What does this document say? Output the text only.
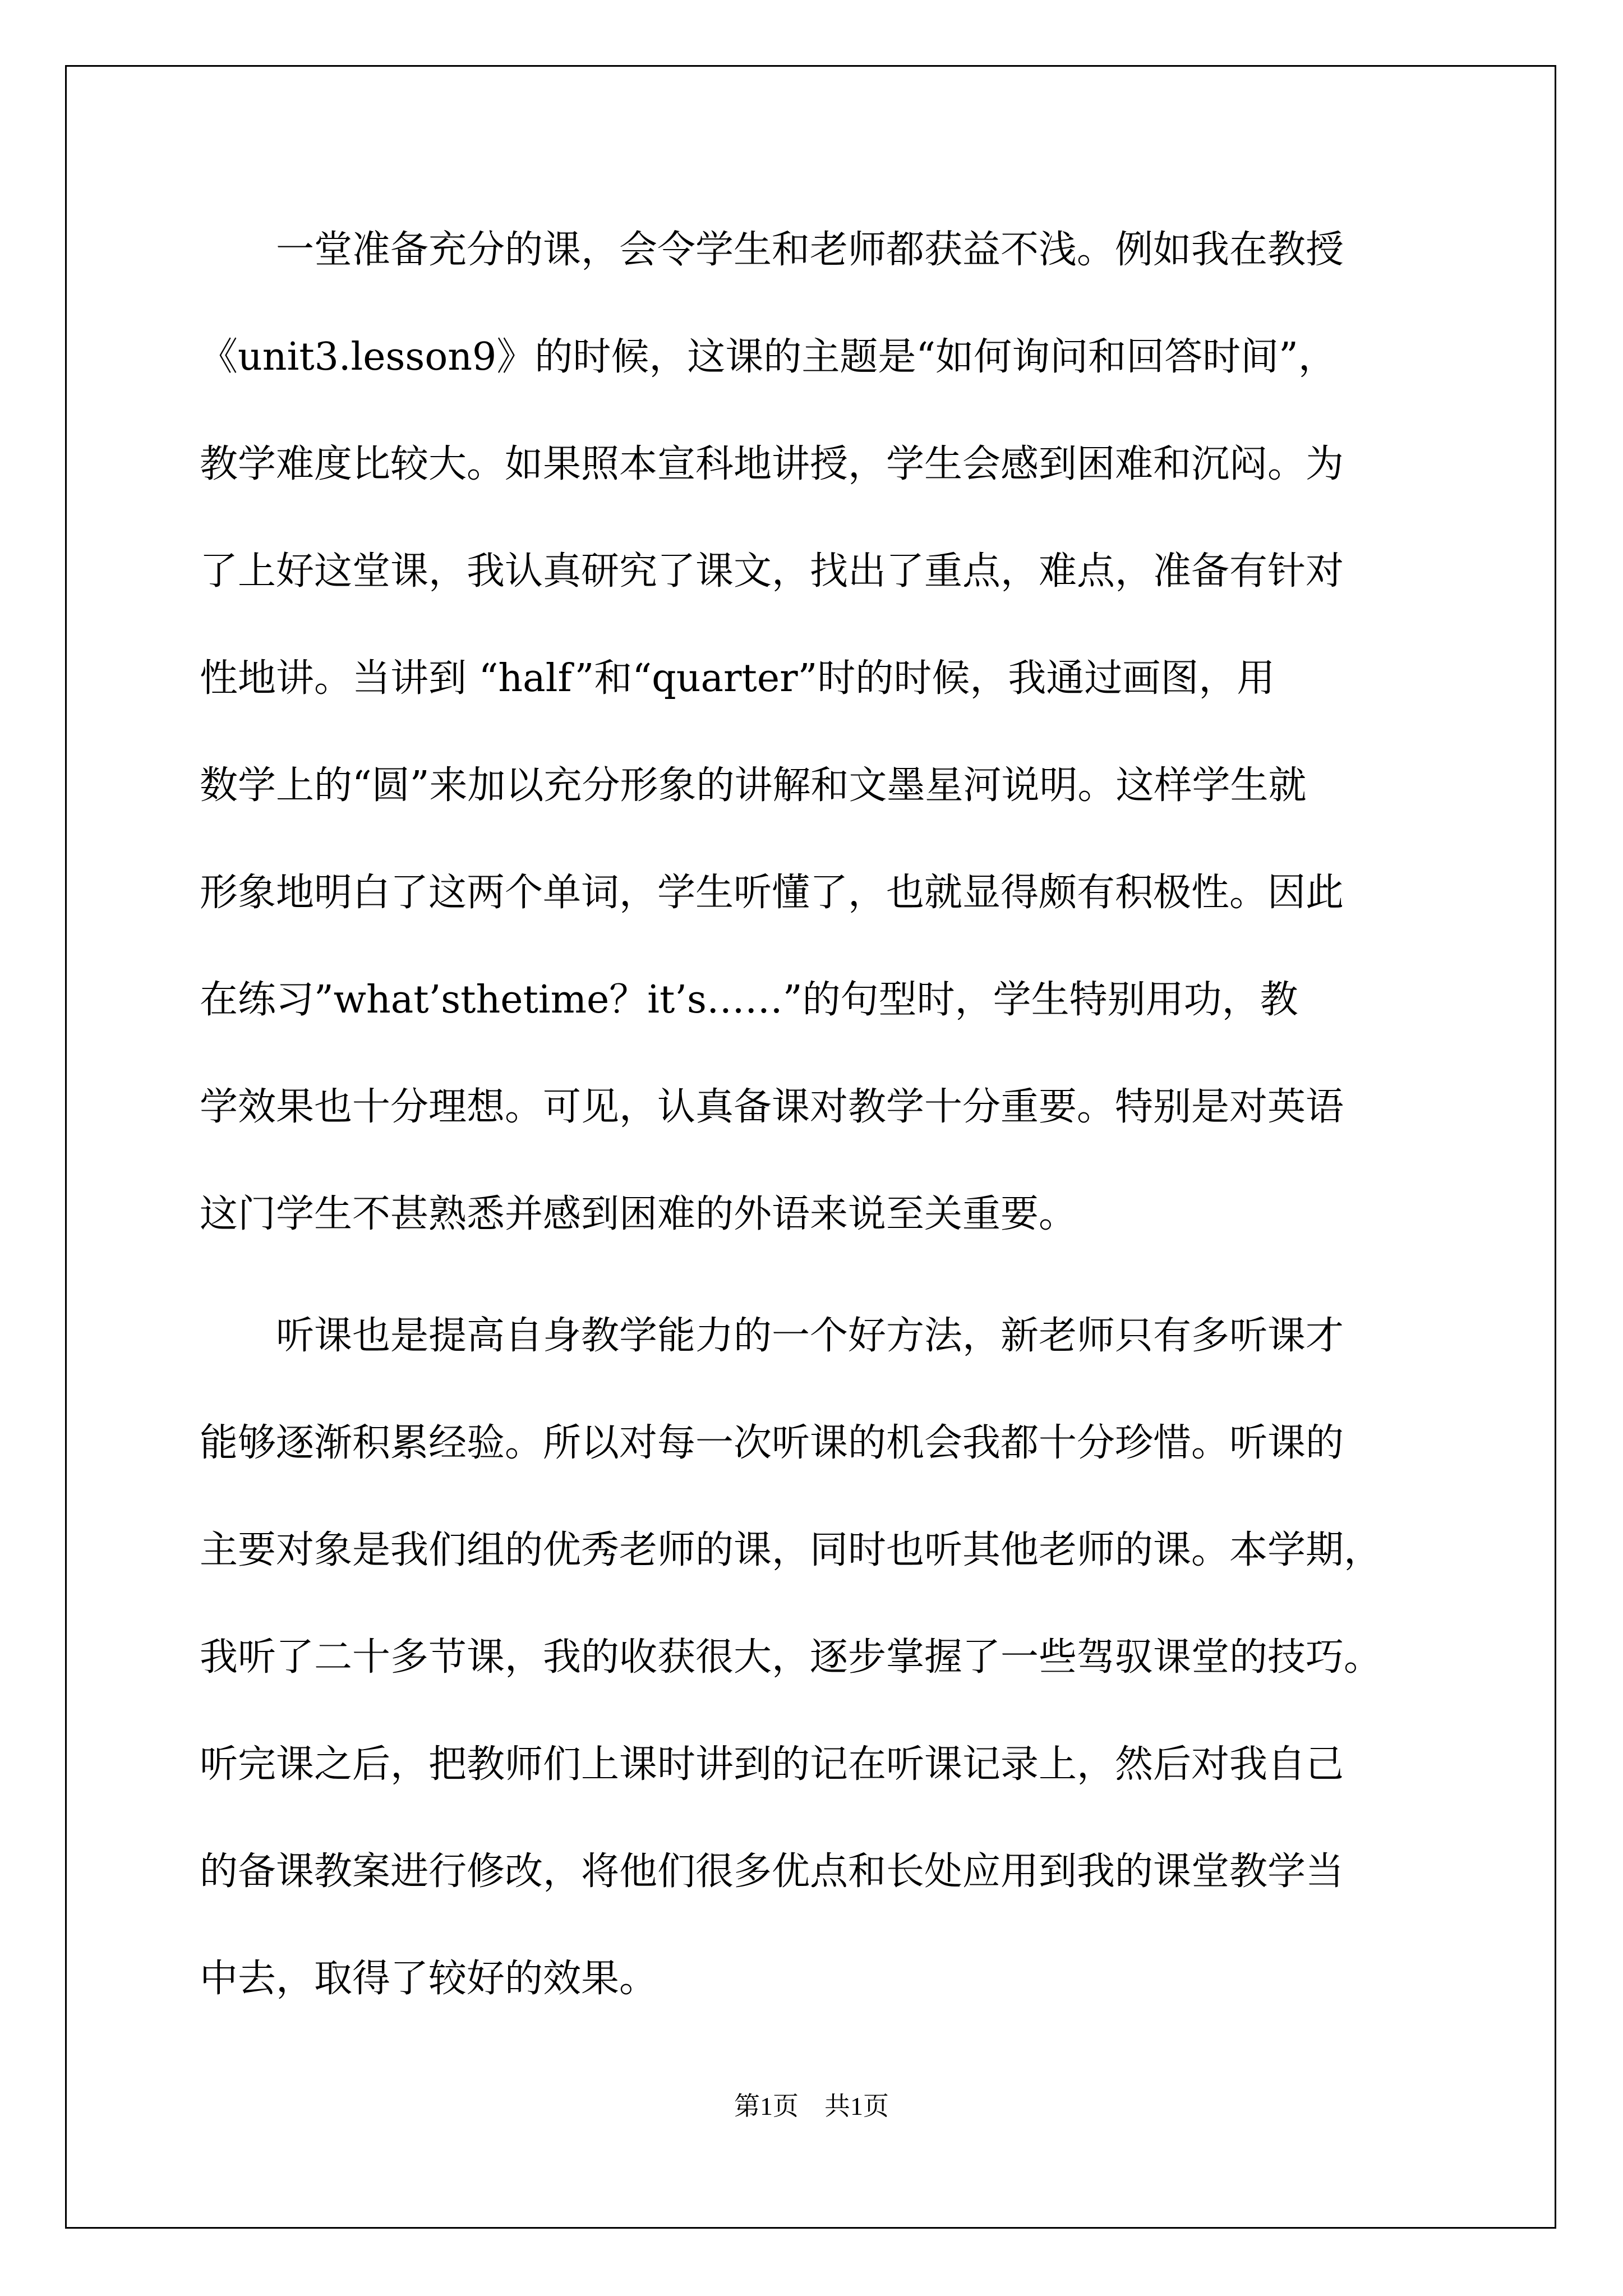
　　一堂准备充分的课，会令学生和老师都获益不浅。例如我在教授
《unit3.lesson9》的时候，这课的主题是“如何询问和回答时间”，
教学难度比较大。如果照本宣科地讲授，学生会感到困难和沉闷。为
了上好这堂课，我认真研究了课文，找出了重点，难点，准备有针对
性地讲。当讲到 “half”和“quarter”时的时候，我通过画图，用
数学上的“圆”来加以充分形象的讲解和文墨星河说明。这样学生就
形象地明白了这两个单词，学生听懂了，也就显得颇有积极性。因此
在练习”what’sthetime？it’s……”的句型时，学生特别用功，教
学效果也十分理想。可见，认真备课对教学十分重要。特别是对英语
这门学生不甚熟悉并感到困难的外语来说至关重要。
　　听课也是提高自身教学能力的一个好方法，新老师只有多听课才
能够逐渐积累经验。所以对每一次听课的机会我都十分珍惜。听课的
主要对象是我们组的优秀老师的课，同时也听其他老师的课。本学期，
我听了二十多节课，我的收获很大，逐步掌握了一些驾驭课堂的技巧。
听完课之后，把教师们上课时讲到的记在听课记录上，然后对我自己
的备课教案进行修改，将他们很多优点和长处应用到我的课堂教学当
中去，取得了较好的效果。
第1页　共1页
